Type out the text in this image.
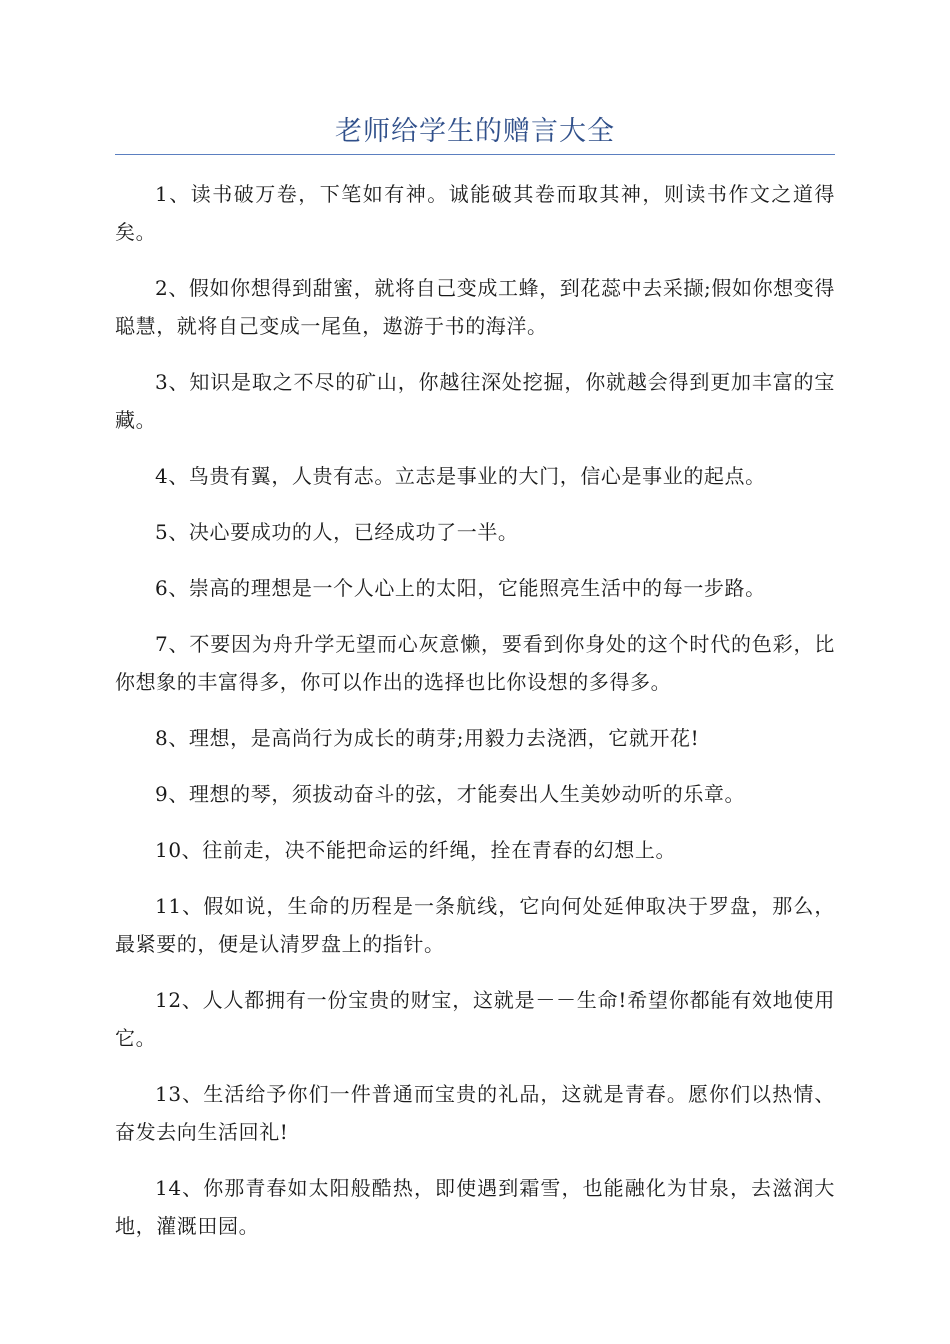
老师给学生的赠言大全

1、读书破万卷，下笔如有神。诚能破其卷而取其神，则读书作文之道得矣。

2、假如你想得到甜蜜，就将自己变成工蜂，到花蕊中去采撷;假如你想变得聪慧，就将自己变成一尾鱼，遨游于书的海洋。

3、知识是取之不尽的矿山，你越往深处挖掘，你就越会得到更加丰富的宝藏。

4、鸟贵有翼，人贵有志。立志是事业的大门，信心是事业的起点。

5、决心要成功的人，已经成功了一半。

6、崇高的理想是一个人心上的太阳，它能照亮生活中的每一步路。

7、不要因为舟升学无望而心灰意懒，要看到你身处的这个时代的色彩，比你想象的丰富得多，你可以作出的选择也比你设想的多得多。

8、理想，是高尚行为成长的萌芽;用毅力去浇洒，它就开花!

9、理想的琴，须拔动奋斗的弦，才能奏出人生美妙动听的乐章。

10、往前走，决不能把命运的纤绳，拴在青春的幻想上。

11、假如说，生命的历程是一条航线，它向何处延伸取决于罗盘，那么，最紧要的，便是认清罗盘上的指针。

12、人人都拥有一份宝贵的财宝，这就是－－生命!希望你都能有效地使用它。

13、生活给予你们一件普通而宝贵的礼品，这就是青春。愿你们以热情、奋发去向生活回礼!

14、你那青春如太阳般酷热，即使遇到霜雪，也能融化为甘泉，去滋润大地，灌溉田园。
